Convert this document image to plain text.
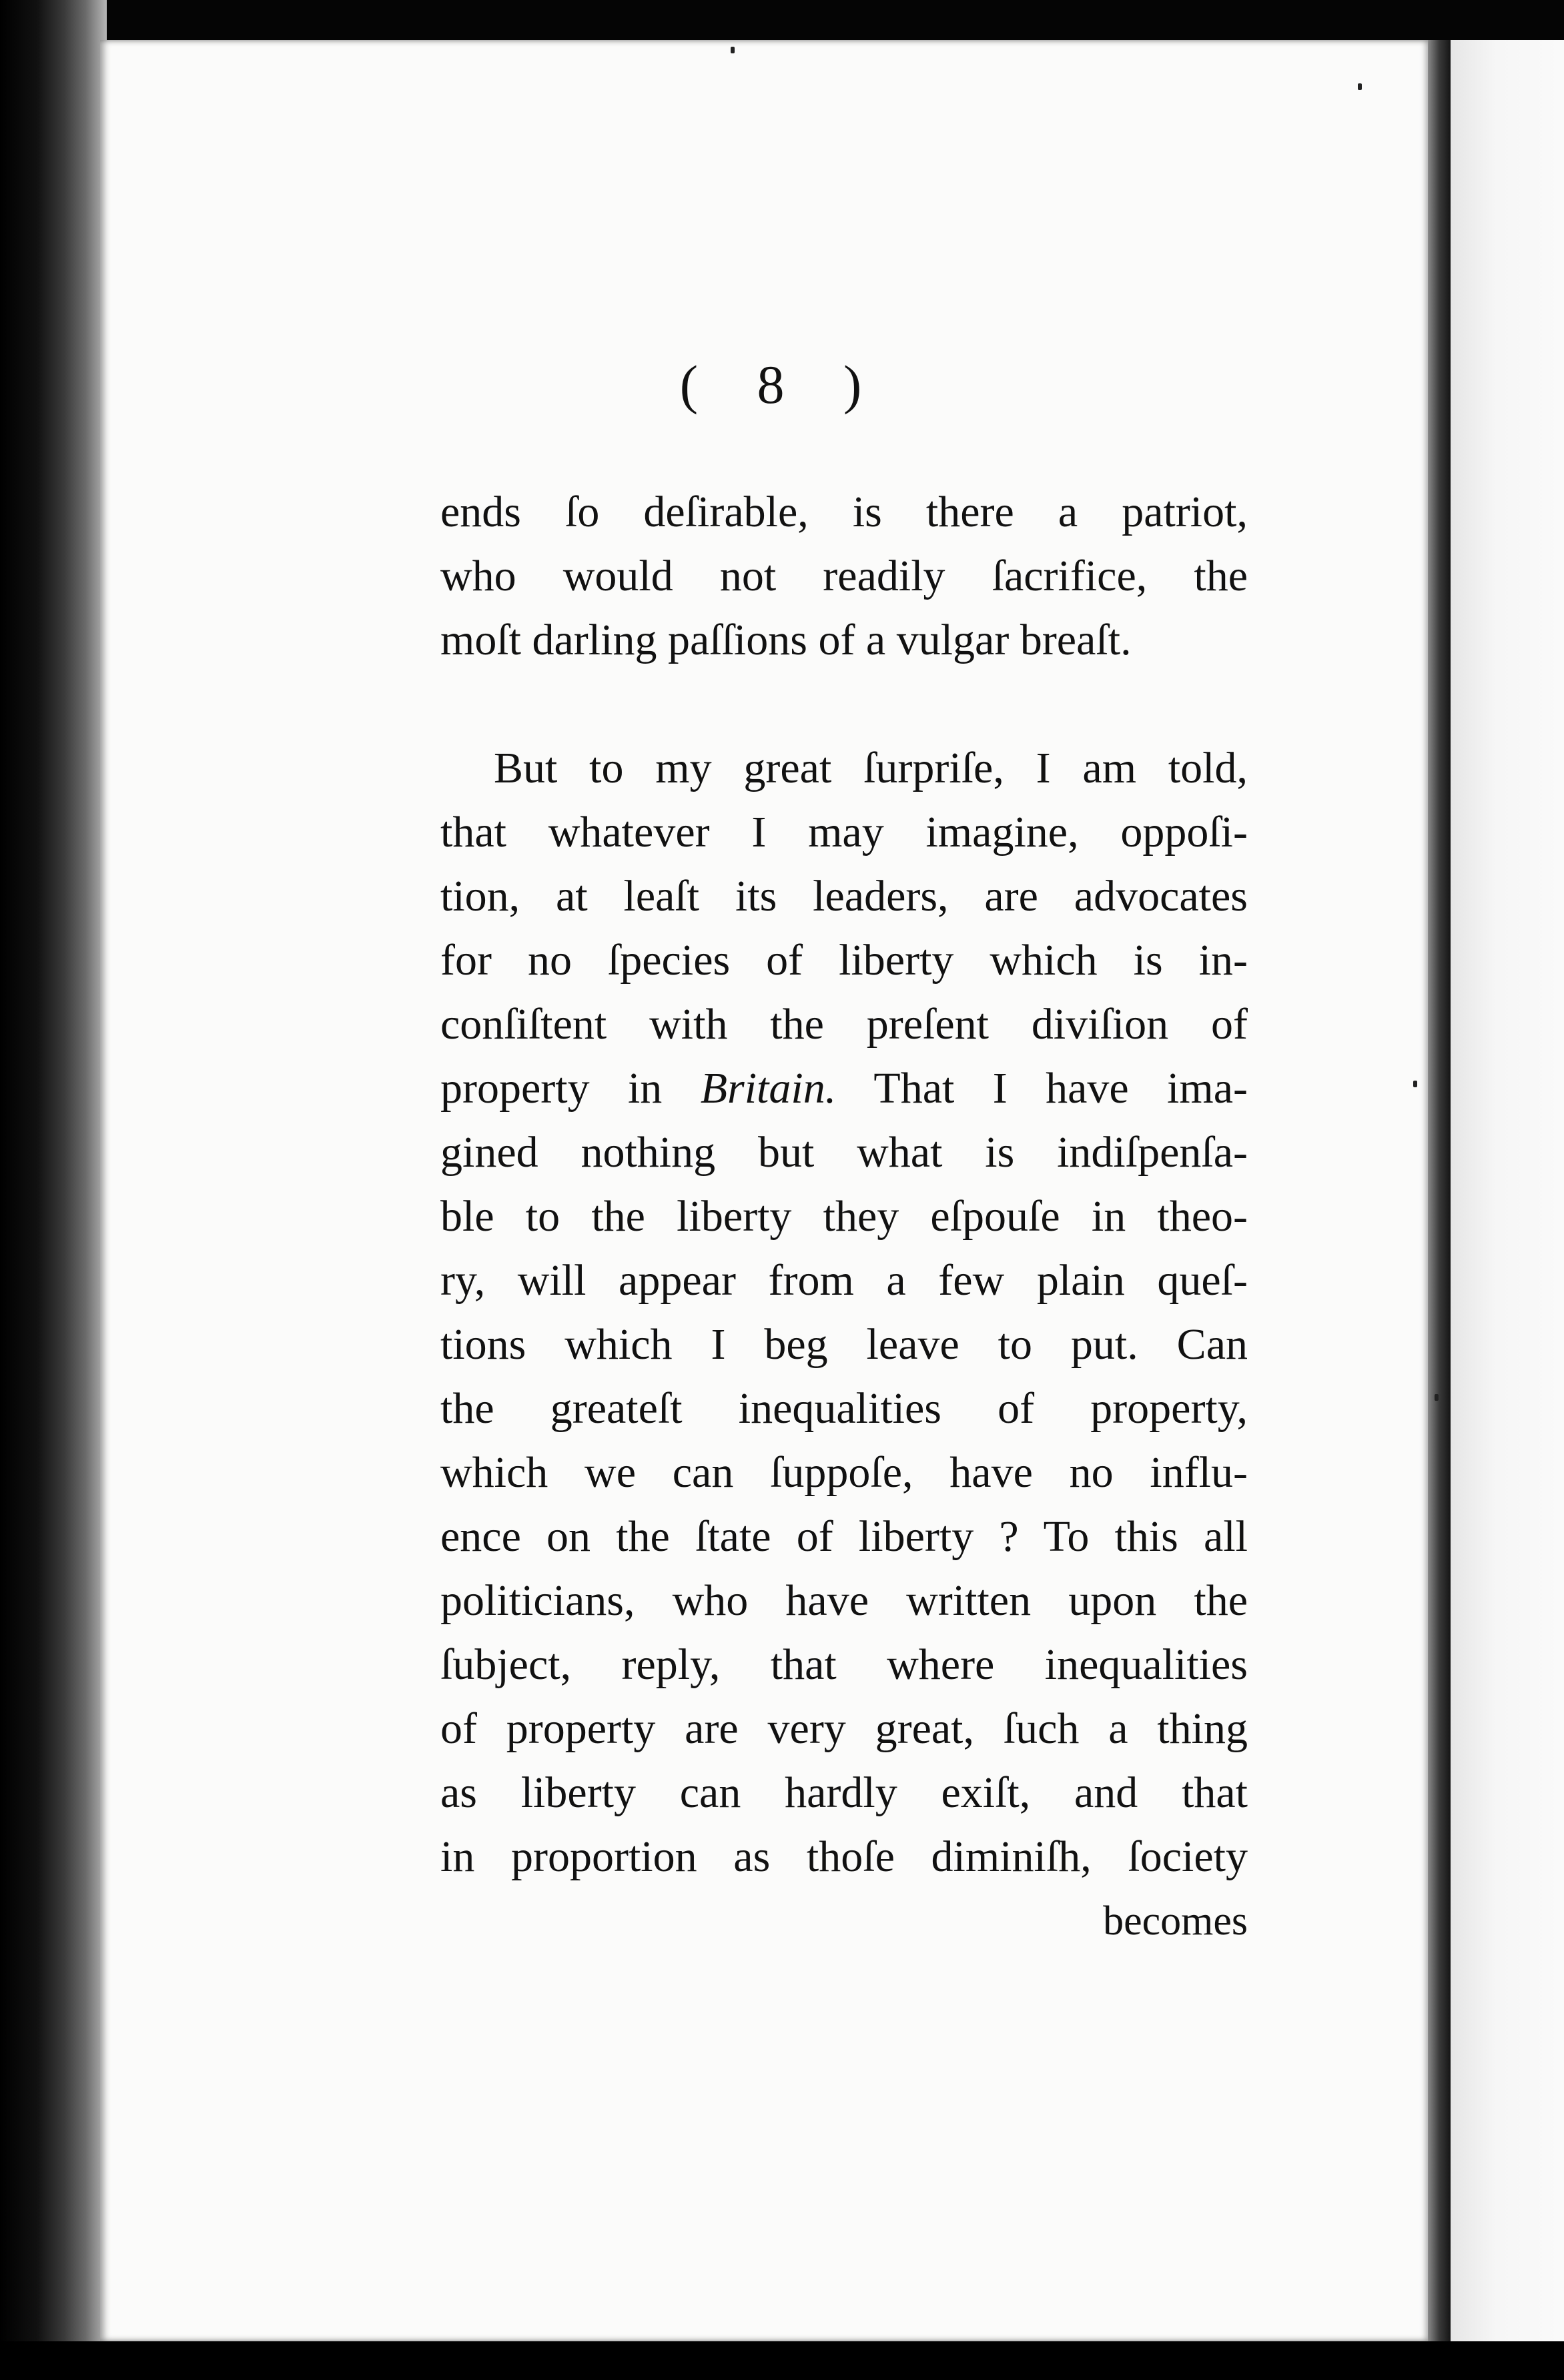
( 8 )
ends ſo deſirable, is there a patriot,
who would not readily ſacrifice, the
moſt darling paſſions of a vulgar breaſt.
But to my great ſurpriſe, I am told,
that whatever I may imagine, oppoſi-
tion, at leaſt its leaders, are advocates
for no ſpecies of liberty which is in-
conſiſtent with the preſent diviſion of
property in Britain. That I have ima-
gined nothing but what is indiſpenſa-
ble to the liberty they eſpouſe in theo-
ry, will appear from a few plain queſ-
tions which I beg leave to put. Can
the greateſt inequalities of property,
which we can ſuppoſe, have no influ-
ence on the ſtate of liberty ? To this all
politicians, who have written upon the
ſubject, reply, that where inequalities
of property are very great, ſuch a thing
as liberty can hardly exiſt, and that
in proportion as thoſe diminiſh, ſociety
becomes
